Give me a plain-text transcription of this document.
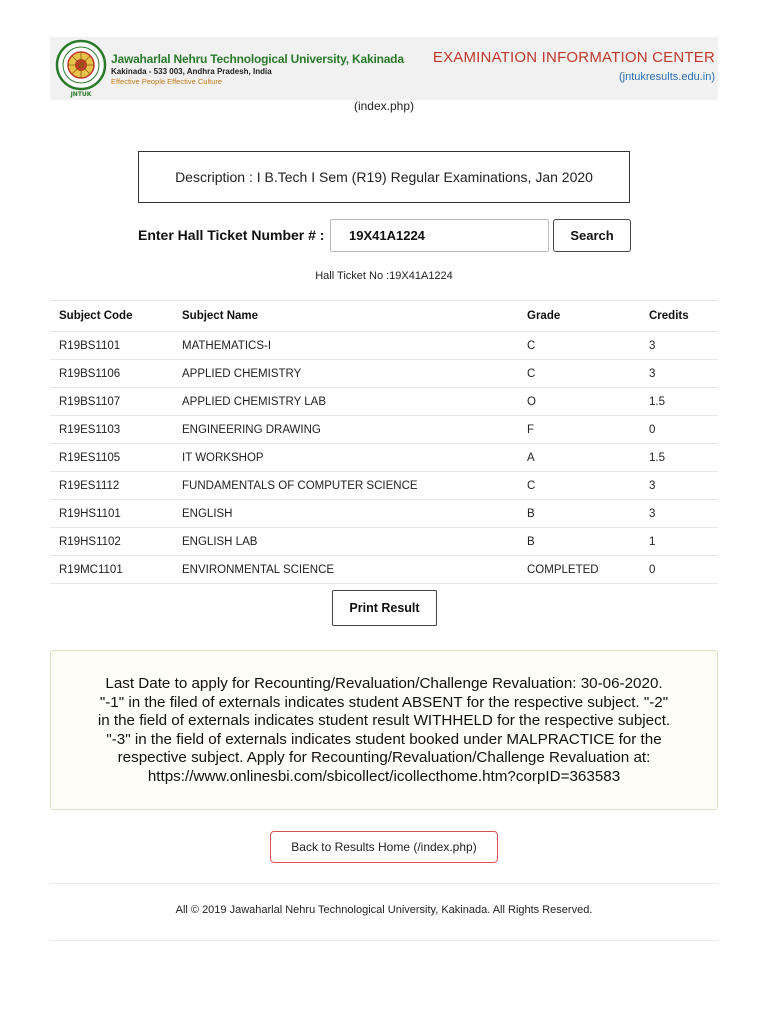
JNTUK
Jawaharlal Nehru Technological University, Kakinada
Kakinada - 533 003, Andhra Pradesh, India
Effective People Effective Culture
EXAMINATION INFORMATION CENTER
(jntukresults.edu.in)
(index.php)
Description : I B.Tech I Sem (R19) Regular Examinations, Jan 2020
Enter Hall Ticket Number # :
19X41A1224	Search
Hall Ticket No :19X41A1224
Subject Code	Subject Name	Grade	Credits
R19BS1101	MATHEMATICS-I	C	3
R19BS1106	APPLIED CHEMISTRY	C	3
R19BS1107	APPLIED CHEMISTRY LAB	O	1.5
R19ES1103	ENGINEERING DRAWING	F	0
R19ES1105	IT WORKSHOP	A	1.5
R19ES1112	FUNDAMENTALS OF COMPUTER SCIENCE	C	3
R19HS1101	ENGLISH	B	3
R19HS1102	ENGLISH LAB	B	1
R19MC1101	ENVIRONMENTAL SCIENCE	COMPLETED	0
Print Result
Last Date to apply for Recounting/Revaluation/Challenge Revaluation: 30-06-2020.
"-1" in the filed of externals indicates student ABSENT for the respective subject. "-2"
in the field of externals indicates student result WITHHELD for the respective subject.
"-3" in the field of externals indicates student booked under MALPRACTICE for the
respective subject. Apply for Recounting/Revaluation/Challenge Revaluation at:
https://www.onlinesbi.com/sbicollect/icollecthome.htm?corpID=363583
Back to Results Home (/index.php)
All © 2019 Jawaharlal Nehru Technological University, Kakinada. All Rights Reserved.
